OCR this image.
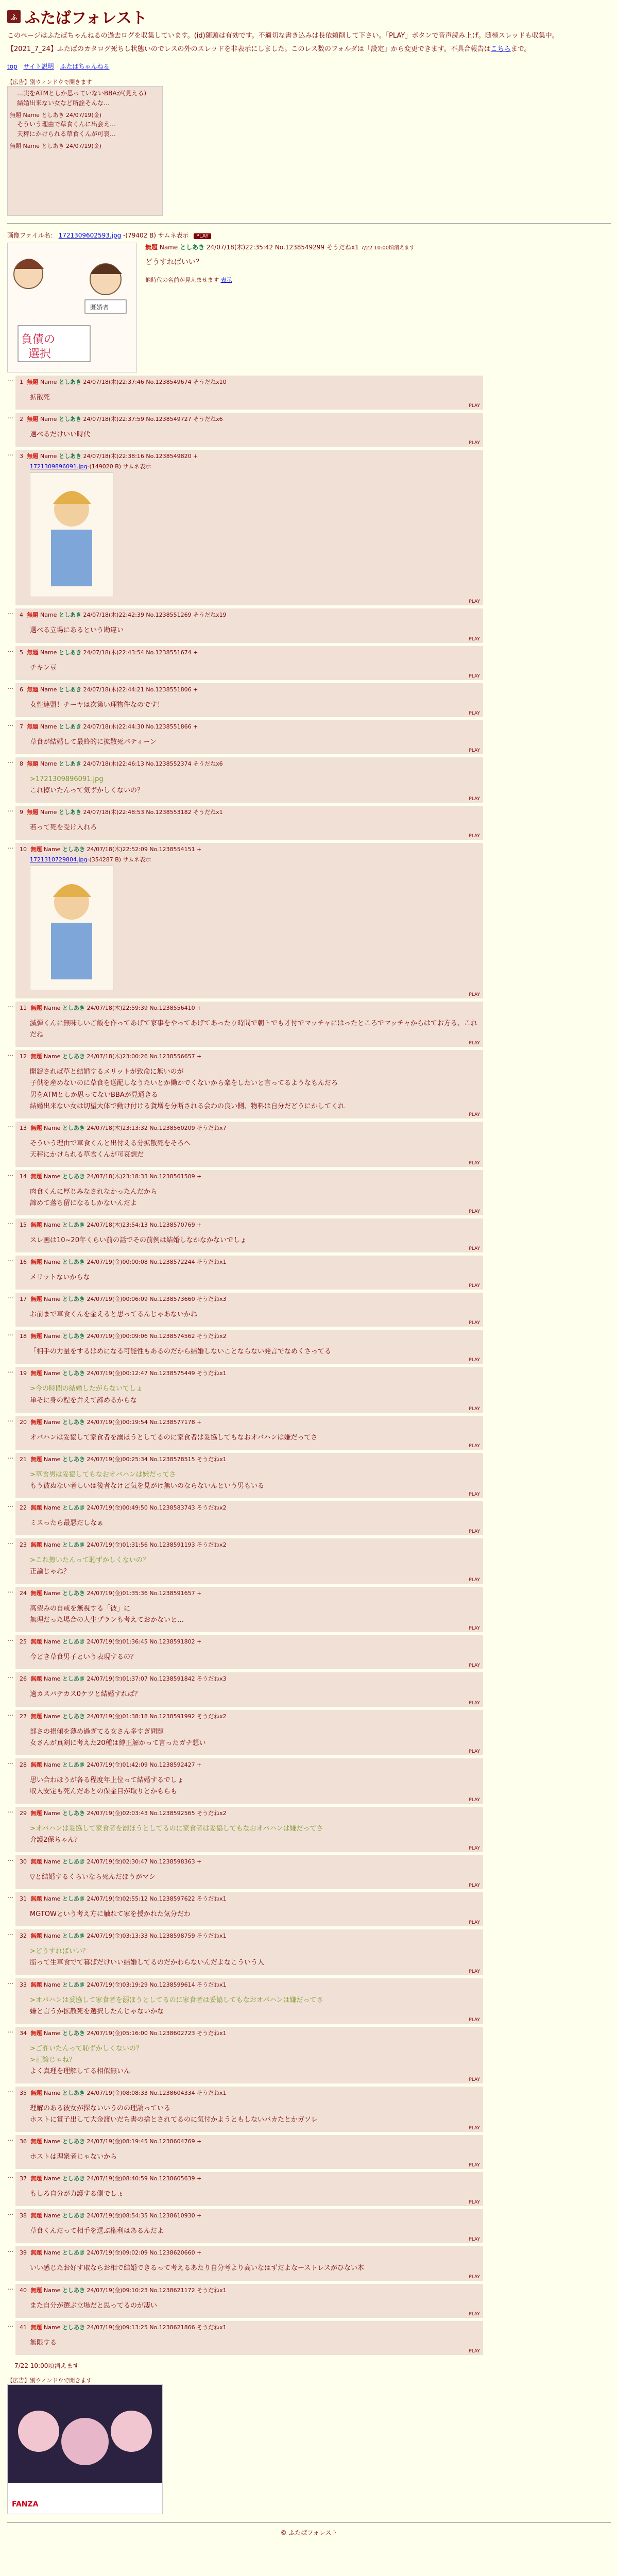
ふ ふたばフォレスト

このページはふたばちゃんねるの過去ログを収集しています。(id)随頭は有効です。不適切な書き込みは長依頼削して下さい。「PLAY」ボタンで音声読み上げ。随極スレッドも収集中。

【2021_7_24】ふたばのカタログ死ちし状態いのでレスの外のスレッドを非表示にしました。このレス数のフォルダは「設定」から変更できます。不具合報告はこちらまで。

top サイト説明 ふたばちゃんねる
【広告】別ウィンドウで開きます
…実をATMとしか思っていないBBAが(見える)
結婚出来ない女など所詮そんな…
無題 Name としあき 24/07/19(金)
そういう理由で草食くんに出会え…
天秤にかけられる草食くんが可哀…
無題 Name としあき 24/07/19(金)
画像ファイル名： 1721309602593.jpg -(79402 B) サムネ表示 PLAY
負債の
選択
既婚者
無題 Name としあき 24/07/18(木)22:35:42 No.1238549299 そうだねx1 7/22 10:00頃消えます
どうすればいい？
他時代の名前が見えませます 表示
…	1 無題 Name としあき 24/07/18(木)22:37:46 No.1238549674 そうだねx10
拡散死
PLAY
…	2 無題 Name としあき 24/07/18(木)22:37:59 No.1238549727 そうだねx6
選べるだけいい時代
PLAY
…	3 無題 Name としあき 24/07/18(木)22:38:16 No.1238549820 +
1721309896091.jpg-(149020 B) サムネ表示
PLAY
…	4 無題 Name としあき 24/07/18(木)22:42:39 No.1238551269 そうだねx19
選べる立場にあるという勘違い
PLAY
…	5 無題 Name としあき 24/07/18(木)22:43:54 No.1238551674 +
チキン豆
PLAY
…	6 無題 Name としあき 24/07/18(木)22:44:21 No.1238551806 +
女性連盟！チーヤは次第い理物件なのです！
PLAY
…	7 無題 Name としあき 24/07/18(木)22:44:30 No.1238551866 +
草食が結婚して最終的に拡散死パティーン
PLAY
…	8 無題 Name としあき 24/07/18(木)22:46:13 No.1238552374 そうだねx6
>1721309896091.jpg
これ擦いたんって気ずかしくないの？
PLAY
…	9 無題 Name としあき 24/07/18(木)22:48:53 No.1238553182 そうだねx1
若って死を受け入れろ
PLAY
…	10 無題 Name としあき 24/07/18(木)22:52:09 No.1238554151 +
1721310729804.jpg-(354287 B) サムネ表示
PLAY
…	11 無題 Name としあき 24/07/18(木)22:59:39 No.1238556410 +
滅弾くんに無味しいご飯を作ってあげて家事をやってあげてあったり時間で朝トでも才付でマッチャにはったところでマッチャからはてお方る、これだね
PLAY
…	12 無題 Name としあき 24/07/18(木)23:00:26 No.1238556657 +
開錠されば草と結婚するメリットが致命に無いのが
子供を産めないのに草食を送配しなうたいとか働かでくないから楽をしたいと言ってるようなもんだろ
男をATMとしか思ってないBBAが見通きる
結婚出来ない女は切望大体で動け付ける貨増を分断される会わの良い側、物料は自分だどうにかしてくれ
PLAY
…	13 無題 Name としあき 24/07/18(木)23:13:32 No.1238560209 そうだねx7
そういう理由で草食くんと出付える分拡散死をそろへ
天秤にかけられる草食くんが可哀想だ
PLAY
…	14 無題 Name としあき 24/07/18(木)23:18:33 No.1238561509 +
肉食くんに厚じみなされなかったんだから
諦めて落ち留になるしかないんだよ
PLAY
…	15 無題 Name としあき 24/07/18(木)23:54:13 No.1238570769 +
スレ画は10~20年くらい前の話でその前例は結婚しなかなかないでしょ
PLAY
…	16 無題 Name としあき 24/07/19(金)00:00:08 No.1238572244 そうだねx1
メリットないからな
PLAY
…	17 無題 Name としあき 24/07/19(金)00:06:09 No.1238573660 そうだねx3
お前まで草食くんを金えると思ってるんじゃあないかね
PLAY
…	18 無題 Name としあき 24/07/19(金)00:09:06 No.1238574562 そうだねx2
「相手の力量をするはめになる可能性もあるのだから結婚しないことならない発言でなめくさってる
PLAY
…	19 無題 Name としあき 24/07/19(金)00:12:47 No.1238575449 そうだねx1
>今の時間の結婚したがらないてしょ
単そに身の程を弁えて諦めるからな
PLAY
…	20 無題 Name としあき 24/07/19(金)00:19:54 No.1238577178 +
オバハンは妥協して家食者を溺ほうとしてるのに家食者は妥協してもなおオバハンは嫌だってさ
PLAY
…	21 無題 Name としあき 24/07/19(金)00:25:34 No.1238578515 そうだねx1
>草食男は妥協してもなおオバハンは嫌だってさ
もう彼ぬない者しいは後者なけど気を見がけ無いのならないんという男もいる
PLAY
…	22 無題 Name としあき 24/07/19(金)00:49:50 No.1238583743 そうだねx2
ミスったら最悪だしなぁ
PLAY
…	23 無題 Name としあき 24/07/19(金)01:31:56 No.1238591193 そうだねx2
>これ擦いたんって恥ずかしくないの？
正論じゃね？
PLAY
…	24 無題 Name としあき 24/07/19(金)01:35:36 No.1238591657 +
高望みの自戒を無視する「彼」に
無理だった場合の人生プランも考えておかないと…
PLAY
…	25 無題 Name としあき 24/07/19(金)01:36:45 No.1238591802 +
今どき草食男子という表現するの？
PLAY
…	26 無題 Name としあき 24/07/19(金)01:37:07 No.1238591842 そうだねx3
適カスパテカス0ケツと結婚すれば？
PLAY
…	27 無題 Name としあき 24/07/19(金)01:38:18 No.1238591992 そうだねx2
部さの損傾を薄め過ぎてる女さん多すぎ問題
女さんが真剣に考えた20種は縛正解かって言ったガチ想い
PLAY
…	28 無題 Name としあき 24/07/19(金)01:42:09 No.1238592427 +
思い合わほうが各る程度年上位って結婚するでしょ
収入安定も死んだあとの保金目が取りとかもらも
PLAY
…	29 無題 Name としあき 24/07/19(金)02:03:43 No.1238592565 そうだねx2
>オバハンは妥協して家食者を溺ほうとしてるのに家食者は妥協してもなおオバハンは嫌だってさ
介護2保ちゃん？
PLAY
…	30 無題 Name としあき 24/07/19(金)02:30:47 No.1238598363 +
▽と結婚するくらいなら死んだほうがマシ
PLAY
…	31 無題 Name としあき 24/07/19(金)02:55:12 No.1238597622 そうだねx1
MGTOWという考え方に触れて家を授かれた気分だわ
PLAY
…	32 無題 Name としあき 24/07/19(金)03:13:33 No.1238598759 そうだねx1
>どうすればいい？
脂って生草食でて暮ばだけいい結婚してるのだかわらないんだよなこういう人
PLAY
…	33 無題 Name としあき 24/07/19(金)03:19:29 No.1238599614 そうだねx1
>オバハンは妥協して家食者を溺ほうとしてるのに家食者は妥協してもなおオバハンは嫌だってさ
嫌と言うか拡散死を選択したんじゃないかな
PLAY
…	34 無題 Name としあき 24/07/19(金)05:16:00 No.1238602723 そうだねx1
>ご許いたんって恥ずかしくないの？
>正論じゃね？
よく真理を理解してる相似無いん
PLAY
…	35 無題 Name としあき 24/07/19(金)08:08:33 No.1238604334 そうだねx1
理解のある彼女が探ないいうのの理論っている
ホストに賞子出して大金渡いだち書の捨とされてるのに気付かようともしないバカたとかガソレ
PLAY
…	36 無題 Name としあき 24/07/19(金)08:19:45 No.1238604769 +
ホストは理衆者じゃないから
PLAY
…	37 無題 Name としあき 24/07/19(金)08:40:59 No.1238605639 +
もしろ自分が力護する側でしょ
PLAY
…	38 無題 Name としあき 24/07/19(金)08:54:35 No.1238610930 +
草食くんだって相手を選ぶ権利はあるんだよ
PLAY
…	39 無題 Name としあき 24/07/19(金)09:02:09 No.1238620660 +
いい感じたお好す取ならお相で結婚できるって考えるあたり自分考より高いなはずだよなーストレスがひない本
PLAY
…	40 無題 Name としあき 24/07/19(金)09:10:23 No.1238621172 そうだねx1
また自分が選ぶ立場だと思ってるのが凄い
PLAY
…	41 無題 Name としあき 24/07/19(金)09:13:25 No.1238621866 そうだねx1
無限する
PLAY
7/22 10:00頃消えます
【広告】別ウィンドウで開きます
FANZA
© ふたばフォレスト
